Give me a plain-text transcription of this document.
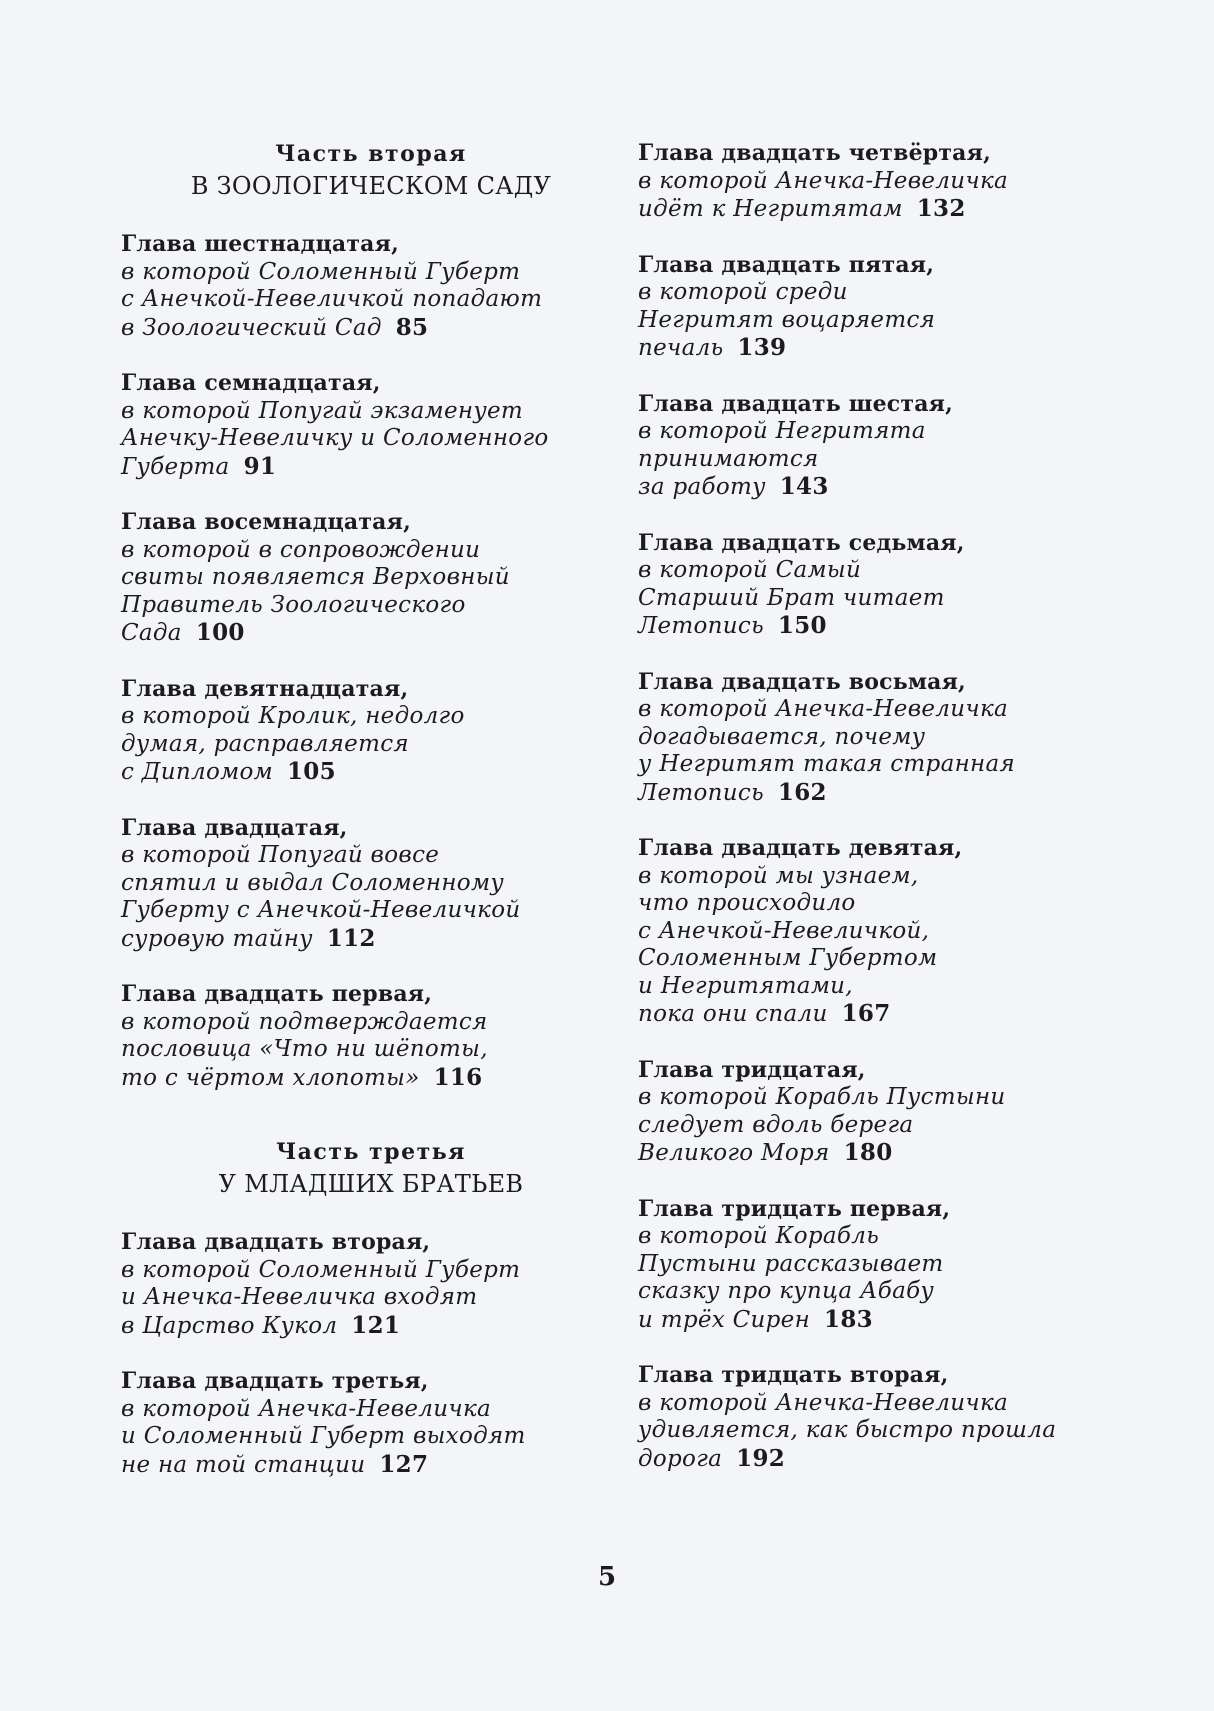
Часть вторая
В ЗООЛОГИЧЕСКОМ САДУ
Глава шестнадцатая,
в которой Соломенный Губерт
с Анечкой-Невеличкой попадают
в Зоологический Сад 85
Глава семнадцатая,
в которой Попугай экзаменует
Анечку-Невеличку и Соломенного
Губерта 91
Глава восемнадцатая,
в которой в сопровождении
свиты появляется Верховный
Правитель Зоологического
Сада 100
Глава девятнадцатая,
в которой Кролик, недолго
думая, расправляется
с Дипломом 105
Глава двадцатая,
в которой Попугай вовсе
спятил и выдал Соломенному
Губерту с Анечкой-Невеличкой
суровую тайну 112
Глава двадцать первая,
в которой подтверждается
пословица «Что ни шёпоты,
то с чёртом хлопоты» 116
Часть третья
У МЛАДШИХ БРАТЬЕВ
Глава двадцать вторая,
в которой Соломенный Губерт
и Анечка-Невеличка входят
в Царство Кукол 121
Глава двадцать третья,
в которой Анечка-Невеличка
и Соломенный Губерт выходят
не на той станции 127
Глава двадцать четвёртая,
в которой Анечка-Невеличка
идёт к Негритятам 132
Глава двадцать пятая,
в которой среди
Негритят воцаряется
печаль 139
Глава двадцать шестая,
в которой Негритята
принимаются
за работу 143
Глава двадцать седьмая,
в которой Самый
Старший Брат читает
Летопись 150
Глава двадцать восьмая,
в которой Анечка-Невеличка
догадывается, почему
у Негритят такая странная
Летопись 162
Глава двадцать девятая,
в которой мы узнаем,
что происходило
с Анечкой-Невеличкой,
Соломенным Губертом
и Негритятами,
пока они спали 167
Глава тридцатая,
в которой Корабль Пустыни
следует вдоль берега
Великого Моря 180
Глава тридцать первая,
в которой Корабль
Пустыни рассказывает
сказку про купца Абабу
и трёх Сирен 183
Глава тридцать вторая,
в которой Анечка-Невеличка
удивляется, как быстро прошла
дорога 192
5
